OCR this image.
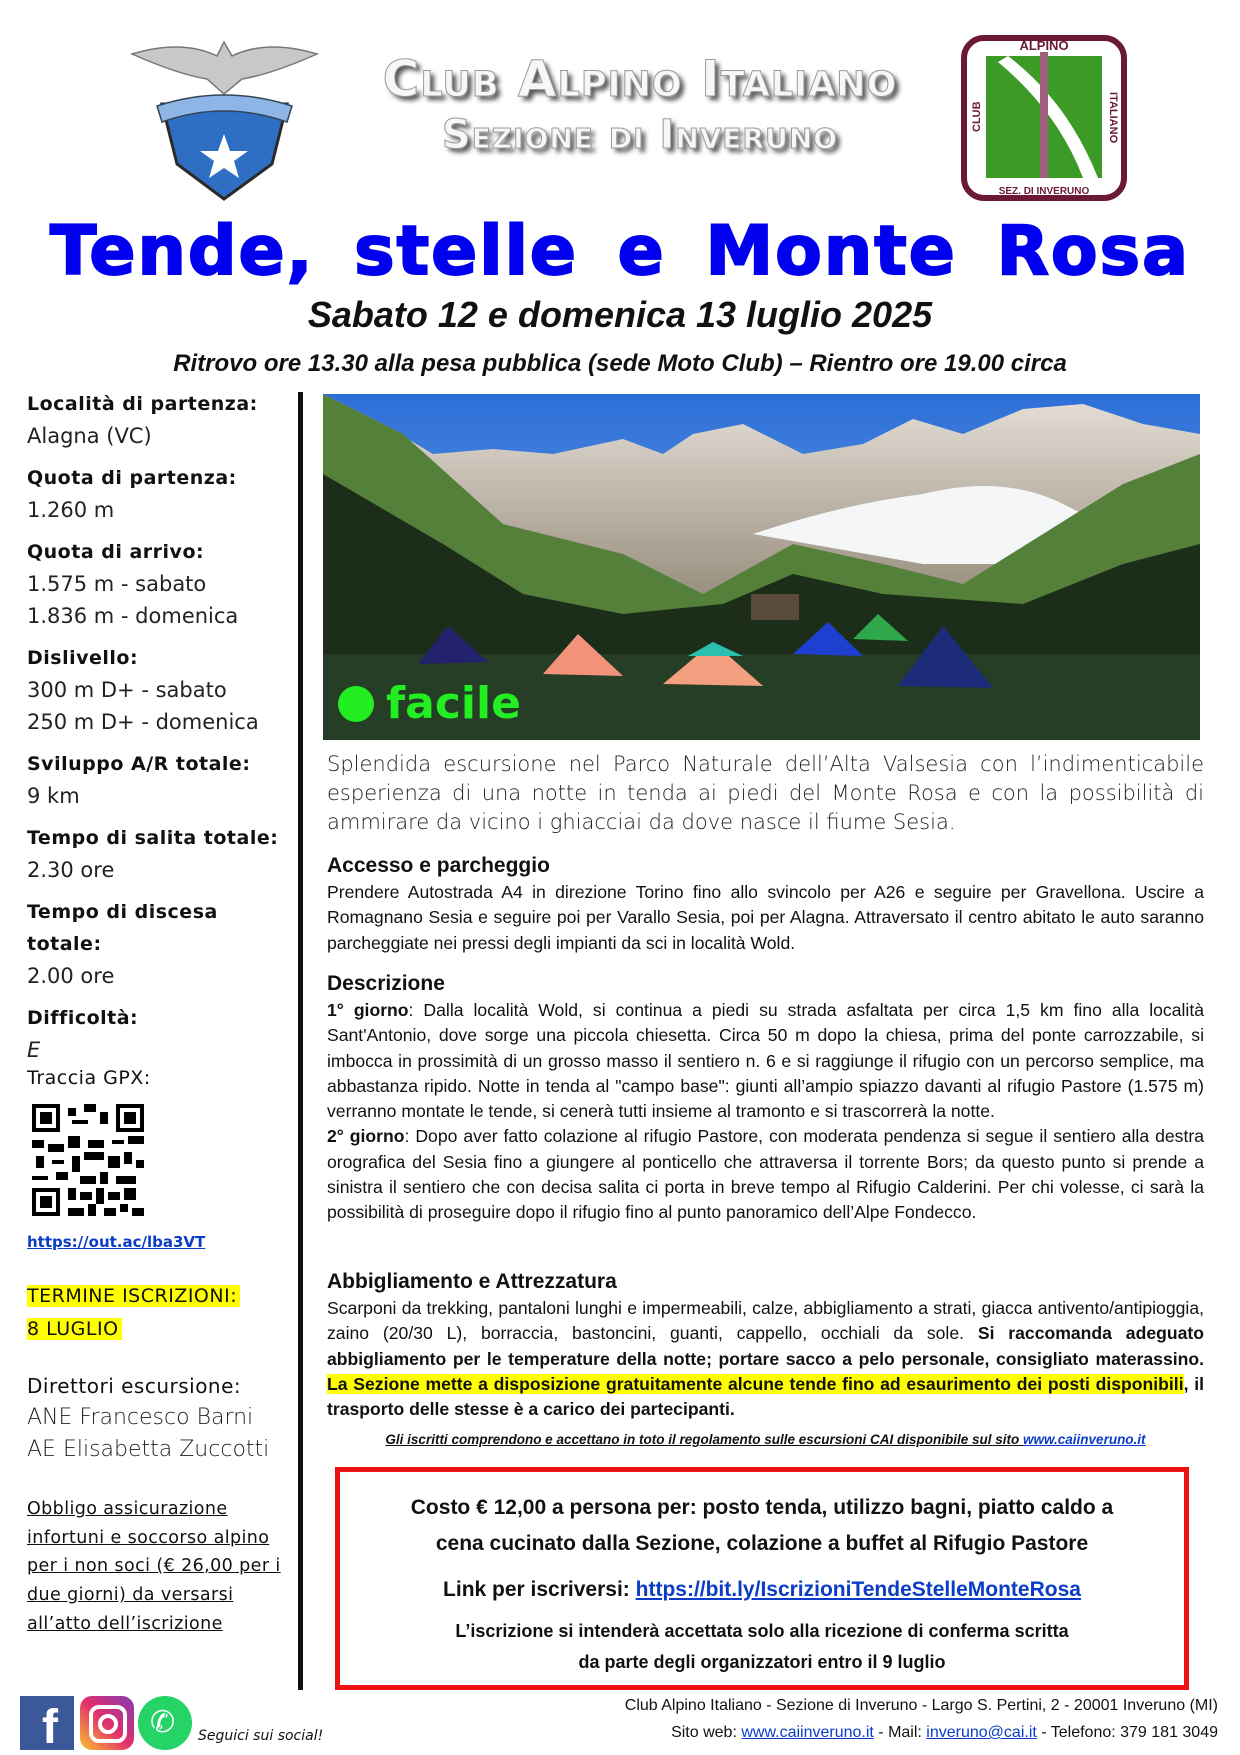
ALPINO
SEZ. DI INVERUNO
CLUB	ITALIANO
Club Alpino Italiano
Sezione di Inveruno
Tende, stelle e Monte Rosa
Sabato 12 e domenica 13 luglio 2025
Ritrovo ore 13.30 alla pesa pubblica (sede Moto Club) – Rientro ore 19.00 circa
Località di partenza:
Alagna (VC)
Quota di partenza:
1.260 m
Quota di arrivo:
1.575 m - sabato
1.836 m - domenica
Dislivello:
300 m D+ - sabato
250 m D+ - domenica
Sviluppo A/R totale:
9 km
Tempo di salita totale:
2.30 ore
Tempo di discesa totale:
2.00 ore
Difficoltà:
E
Traccia GPX:
https://out.ac/lba3VT
TERMINE ISCRIZIONI:
8 LUGLIO
Direttori escursione:
ANE Francesco Barni
AE Elisabetta Zuccotti
Obbligo assicurazione infortuni e soccorso alpino per i non soci (€ 26,00 per i due giorni) da versarsi all’atto dell’iscrizione
facile
Splendida escursione nel Parco Naturale dell’Alta Valsesia con l’indimenticabile esperienza di una notte in tenda ai piedi del Monte Rosa e con la possibilità di ammirare da vicino i ghiacciai da dove nasce il fiume Sesia.
Accesso e parcheggio
Prendere Autostrada A4 in direzione Torino fino allo svincolo per A26 e seguire per Gravellona. Uscire a Romagnano Sesia e seguire poi per Varallo Sesia, poi per Alagna. Attraversato il centro abitato le auto saranno parcheggiate nei pressi degli impianti da sci in località Wold.
Descrizione
1° giorno: Dalla località Wold, si continua a piedi su strada asfaltata per circa 1,5 km fino alla località Sant'Antonio, dove sorge una piccola chiesetta. Circa 50 m dopo la chiesa, prima del ponte carrozzabile, si imbocca in prossimità di un grosso masso il sentiero n. 6 e si raggiunge il rifugio con un percorso semplice, ma abbastanza ripido. Notte in tenda al "campo base": giunti all’ampio spiazzo davanti al rifugio Pastore (1.575 m) verranno montate le tende, si cenerà tutti insieme al tramonto e si trascorrerà la notte.
2° giorno: Dopo aver fatto colazione al rifugio Pastore, con moderata pendenza si segue il sentiero alla destra orografica del Sesia fino a giungere al ponticello che attraversa il torrente Bors; da questo punto si prende a sinistra il sentiero che con decisa salita ci porta in breve tempo al Rifugio Calderini. Per chi volesse, ci sarà la possibilità di proseguire dopo il rifugio fino al punto panoramico dell’Alpe Fondecco.
Abbigliamento e Attrezzatura
Scarponi da trekking, pantaloni lunghi e impermeabili, calze, abbigliamento a strati, giacca antivento/antipioggia, zaino (20/30 L), borraccia, bastoncini, guanti, cappello, occhiali da sole. Si raccomanda adeguato abbigliamento per le temperature della notte; portare sacco a pelo personale, consigliato materassino. La Sezione mette a disposizione gratuitamente alcune tende fino ad esaurimento dei posti disponibili, il trasporto delle stesse è a carico dei partecipanti.
Gli iscritti comprendono e accettano in toto il regolamento sulle escursioni CAI disponibile sul sito www.caiinveruno.it

Costo € 12,00 a persona per: posto tenda, utilizzo bagni, piatto caldo a

cena cucinato dalla Sezione, colazione a buffet al Rifugio Pastore

Link per iscriversi: https://bit.ly/IscrizioniTendeStelleMonteRosa

L’iscrizione si intenderà accettata solo alla ricezione di conferma scritta

da parte degli organizzatori entro il 9 luglio

Club Alpino Italiano - Sezione di Inveruno - Largo S. Pertini, 2 - 20001 Inveruno (MI)
Sito web: www.caiinveruno.it - Mail: inveruno@cai.it - Telefono: 379 181 3049
f	✆ Seguici sui social!
